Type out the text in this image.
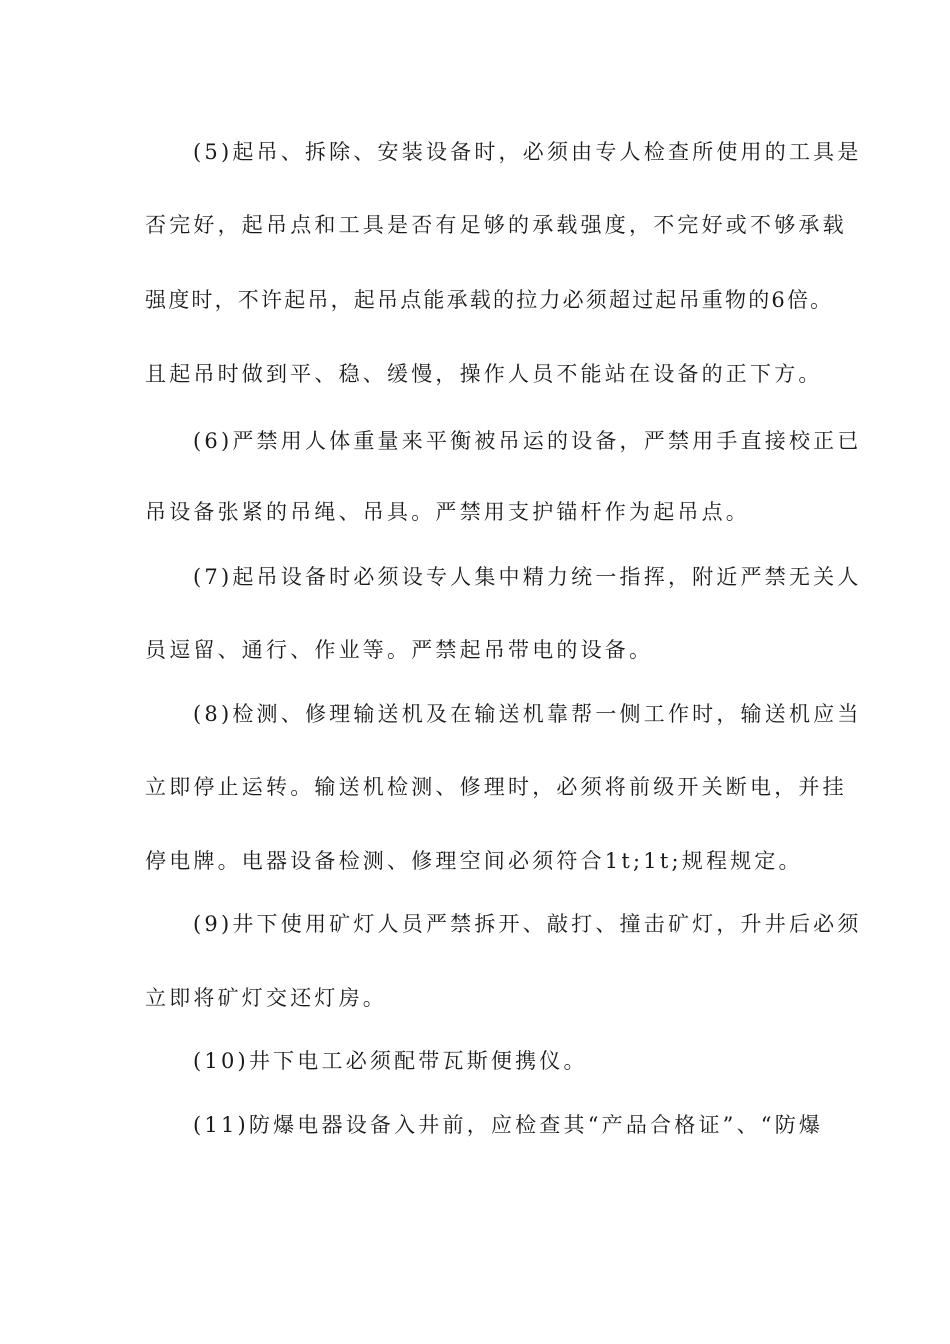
(5)起吊、拆除、安装设备时，必须由专人检查所使用的工具是
否完好，起吊点和工具是否有足够的承载强度，不完好或不够承载
强度时，不许起吊，起吊点能承载的拉力必须超过起吊重物的6倍。
且起吊时做到平、稳、缓慢，操作人员不能站在设备的正下方。
(6)严禁用人体重量来平衡被吊运的设备，严禁用手直接校正已
吊设备张紧的吊绳、吊具。严禁用支护锚杆作为起吊点。
(7)起吊设备时必须设专人集中精力统一指挥，附近严禁无关人
员逗留、通行、作业等。严禁起吊带电的设备。
(8)检测、修理输送机及在输送机靠帮一侧工作时，输送机应当
立即停止运转。输送机检测、修理时，必须将前级开关断电，并挂
停电牌。电器设备检测、修理空间必须符合1t;1t;规程规定。
(9)井下使用矿灯人员严禁拆开、敲打、撞击矿灯，升井后必须
立即将矿灯交还灯房。
(10)井下电工必须配带瓦斯便携仪。
(11)防爆电器设备入井前，应检查其“产品合格证”、“防爆
